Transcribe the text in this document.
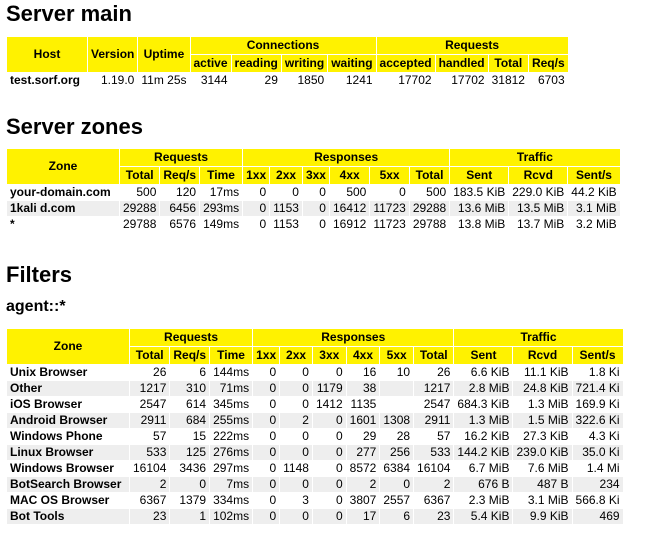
Server main
Host	Version	Uptime	Connections				Requests			
			active	reading	writing	waiting	accepted	handled	Total	Req/s
test.sorf.org	1.19.0	11m 25s	3144	29	1850	1241	17702	17702	31812	6703
Server zones
Zone	Requests			Responses						Traffic		
	Total	Req/s	Time	1xx	2xx	3xx	4xx	5xx	Total	Sent	Rcvd	Sent/s
your-domain.com	500	120	17ms	0	0	0	500	0	500	183.5 KiB	229.0 KiB	44.2 KiB
1kali d.com	29288	6456	293ms	0	1153	0	16412	11723	29288	13.6 MiB	13.5 MiB	3.1 MiB
*	29788	6576	149ms	0	1153	0	16912	11723	29788	13.8 MiB	13.7 MiB	3.2 MiB
Filters
agent::*
Zone	Requests			Responses						Traffic		
	Total	Req/s	Time	1xx	2xx	3xx	4xx	5xx	Total	Sent	Rcvd	Sent/s
Unix Browser	26	6	144ms	0	0	0	16	10	26	6.6 KiB	11.1 KiB	1.8 Ki
Other	1217	310	71ms	0	0	1179	38		1217	2.8 MiB	24.8 KiB	721.4 Ki
iOS Browser	2547	614	345ms	0	0	1412	1135		2547	684.3 KiB	1.3 MiB	169.9 Ki
Android Browser	2911	684	255ms	0	2	0	1601	1308	2911	1.3 MiB	1.5 MiB	322.6 Ki
Windows Phone	57	15	222ms	0	0	0	29	28	57	16.2 KiB	27.3 KiB	4.3 Ki
Linux Browser	533	125	276ms	0	0	0	277	256	533	144.2 KiB	239.0 KiB	35.0 Ki
Windows Browser	16104	3436	297ms	0	1148	0	8572	6384	16104	6.7 MiB	7.6 MiB	1.4 Mi
BotSearch Browser	2	0	7ms	0	0	0	2	0	2	676 B	487 B	234
MAC OS Browser	6367	1379	334ms	0	3	0	3807	2557	6367	2.3 MiB	3.1 MiB	566.8 Ki
Bot Tools	23	1	102ms	0	0	0	17	6	23	5.4 KiB	9.9 KiB	469
